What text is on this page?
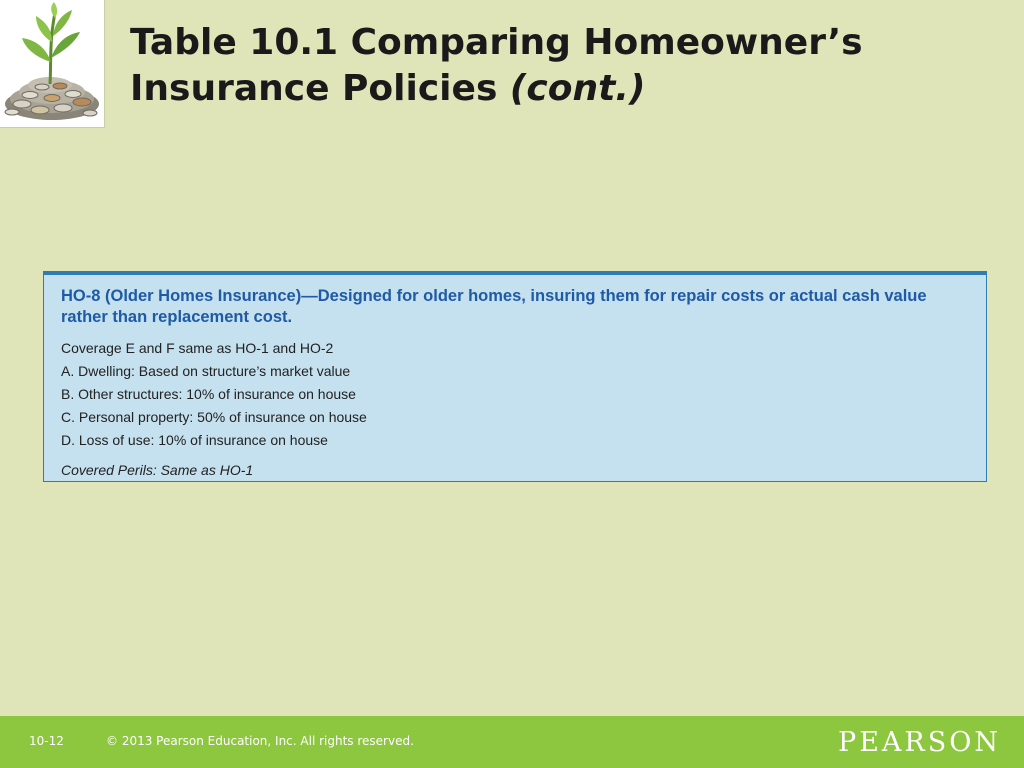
Table 10.1 Comparing Homeowner’s Insurance Policies (cont.)
HO-8 (Older Homes Insurance)—Designed for older homes, insuring them for repair costs or actual cash value rather than replacement cost.
Coverage E and F same as HO-1 and HO-2
A. Dwelling: Based on structure’s market value
B. Other structures: 10% of insurance on house
C. Personal property: 50% of insurance on house
D. Loss of use: 10% of insurance on house
Covered Perils: Same as HO-1
10-12	© 2013 Pearson Education, Inc. All rights reserved.	PEARSON
